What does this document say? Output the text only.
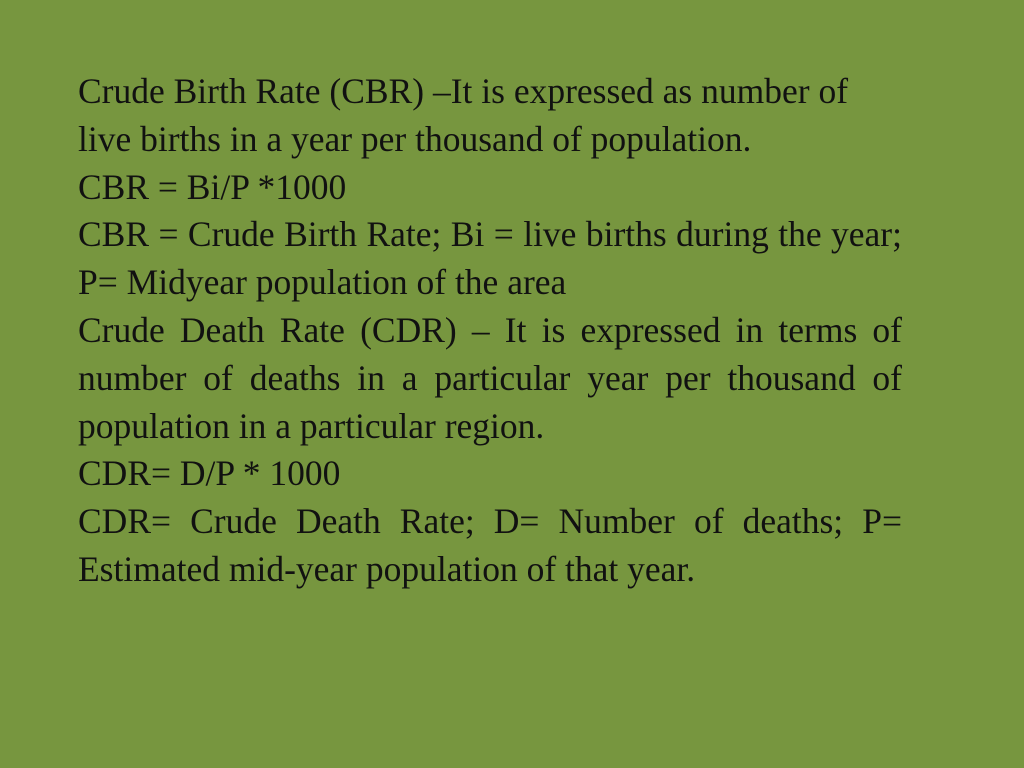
Crude Birth Rate (CBR) –It is expressed as number of live births in a year per thousand of population.

CBR = Bi/P *1000

CBR = Crude Birth Rate; Bi = live births during the year; P= Midyear population of the area

Crude Death Rate (CDR) – It is expressed in terms of number of deaths in a particular year per thousand of population in a particular region.

CDR= D/P * 1000

CDR= Crude Death Rate; D= Number of deaths; P= Estimated mid-year population of that year.
